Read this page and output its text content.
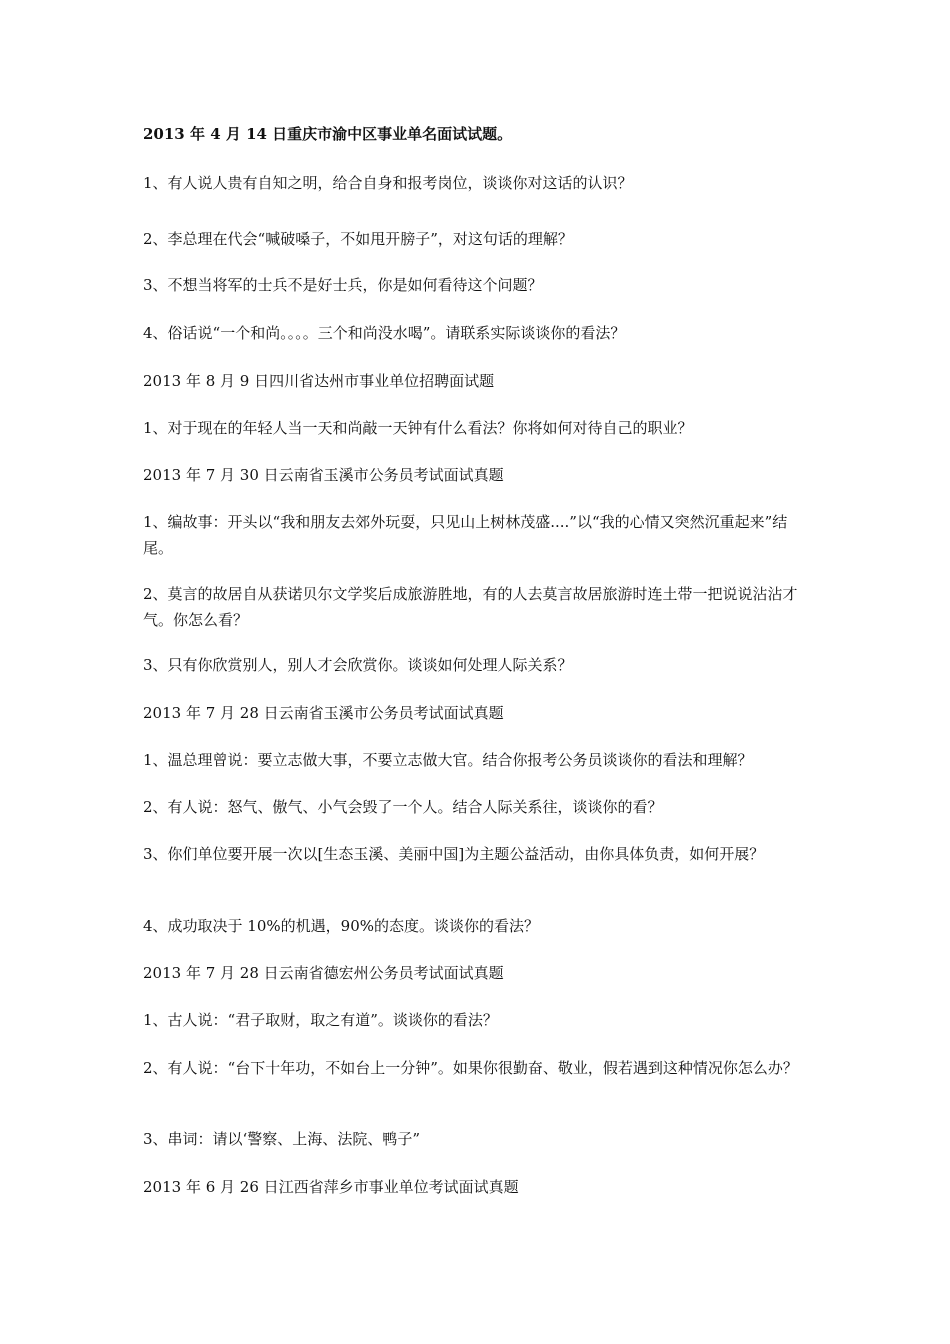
2013 年 4 月 14 日重庆市渝中区事业单名面试试题。

1、有人说人贵有自知之明，给合自身和报考岗位，谈谈你对这话的认识？

2、李总理在代会“喊破嗓子，不如甩开膀子”，对这句话的理解？

3、不想当将军的士兵不是好士兵，你是如何看待这个问题？

4、俗话说“一个和尚。。。。三个和尚没水喝”。请联系实际谈谈你的看法？

2013 年 8 月 9 日四川省达州市事业单位招聘面试题

1、对于现在的年轻人当一天和尚敲一天钟有什么看法？你将如何对待自己的职业？

2013 年 7 月 30 日云南省玉溪市公务员考试面试真题

1、编故事：开头以“我和朋友去郊外玩耍，只见山上树林茂盛....”以“我的心情又突然沉重起来”结尾。

2、莫言的故居自从获诺贝尔文学奖后成旅游胜地，有的人去莫言故居旅游时连土带一把说说沾沾才气。你怎么看？

3、只有你欣赏别人，别人才会欣赏你。谈谈如何处理人际关系？

2013 年 7 月 28 日云南省玉溪市公务员考试面试真题

1、温总理曾说：要立志做大事，不要立志做大官。结合你报考公务员谈谈你的看法和理解？

2、有人说：怒气、傲气、小气会毁了一个人。结合人际关系往，谈谈你的看？

3、你们单位要开展一次以[生态玉溪、美丽中国]为主题公益活动，由你具体负责，如何开展？

4、成功取决于 10%的机遇，90%的态度。谈谈你的看法？

2013 年 7 月 28 日云南省德宏州公务员考试面试真题

1、古人说：“君子取财，取之有道”。谈谈你的看法？

2、有人说：“台下十年功，不如台上一分钟”。如果你很勤奋、敬业，假若遇到这种情况你怎么办？

3、串词：请以‘警察、上海、法院、鸭子”

2013 年 6 月 26 日江西省萍乡市事业单位考试面试真题
